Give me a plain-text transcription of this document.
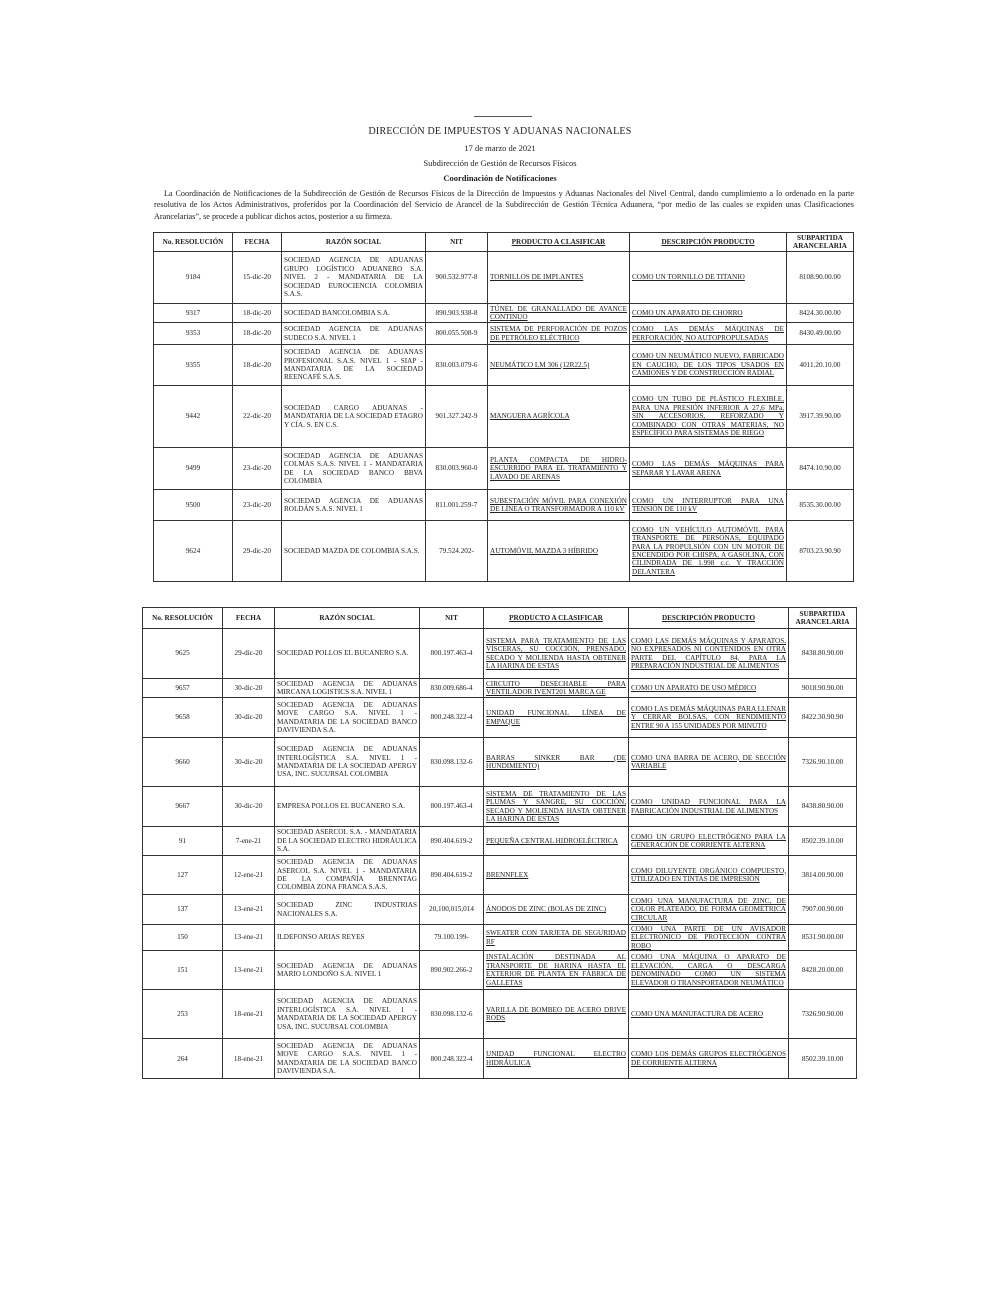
DIRECCIÓN DE IMPUESTOS Y ADUANAS NACIONALES
17 de marzo de 2021
Subdirección de Gestión de Recursos Físicos
Coordinación de Notificaciones
La Coordinación de Notificaciones de la Subdirección de Gestión de Recursos Físicos de la Dirección de Impuestos y Aduanas Nacionales del Nivel Central, dando cumplimiento a lo ordenado en la parte resolutiva de los Actos Administrativos, proferidos por la Coordinación del Servicio de Arancel de la Subdirección de Gestión Técnica Aduanera, “por medio de las cuales se expiden unas Clasificaciones Arancelarias”, se procede a publicar dichos actos, posterior a su firmeza.
No. RESOLUCIÓN	FECHA	RAZÓN SOCIAL	NIT	PRODUCTO A CLASIFICAR	DESCRIPCIÓN PRODUCTO	SUBPARTIDA ARANCELARIA
9184	15-dic-20	SOCIEDAD AGENCIA DE ADUANAS GRUPO LOGÍSTICO ADUANERO S.A. NIVEL 2 - MANDATARIA DE LA SOCIEDAD EUROCIENCIA COLOMBIA S.A.S.	900.532.977-8	TORNILLOS DE IMPLANTES	COMO UN TORNILLO DE TITANIO	8108.90.00.00
9317	18-dic-20	SOCIEDAD BANCOLOMBIA S.A.	890.903.938-8	TÚNEL DE GRANALLADO DE AVANCE CONTINUO	COMO UN APARATO DE CHORRO	8424.30.00.00
9353	18-dic-20	SOCIEDAD AGENCIA DE ADUANAS SUDECO S.A. NIVEL 1	800.055.508-9	SISTEMA DE PERFORACIÓN DE POZOS DE PETRÓLEO ELÉCTRICO	COMO LAS DEMÁS MÁQUINAS DE PERFORACIÓN, NO AUTOPROPULSADAS	8430.49.00.00
9355	18-dic-20	SOCIEDAD AGENCIA DE ADUANAS PROFESIONAL S.A.S. NIVEL 1 - SIAP - MANDATARIA DE LA SOCIEDAD REENCAFÉ S.A.S.	830.003.079-6	NEUMÁTICO LM 306 (12R22.5)	COMO UN NEUMÁTICO NUEVO, FABRICADO EN CAUCHO, DE LOS TIPOS USADOS EN CAMIONES Y DE CONSTRUCCIÓN RADIAL	4011.20.10.00
9442	22-dic-20	SOCIEDAD CARGO ADUANAS - MANDATARIA DE LA SOCIEDAD ETAGRO Y CÍA. S. EN C.S.	901.327.242-9	MANGUERA AGRÍCOLA	COMO UN TUBO DE PLÁSTICO FLEXIBLE, PARA UNA PRESIÓN INFERIOR A 27,6 MPa, SIN ACCESORIOS, REFORZADO Y COMBINADO CON OTRAS MATERIAS, NO ESPECÍFICO PARA SISTEMAS DE RIEGO	3917.39.90.00
9499	23-dic-20	SOCIEDAD AGENCIA DE ADUANAS COLMAS S.A.S. NIVEL 1 - MANDATARIA DE LA SOCIEDAD BANCO BBVA COLOMBIA	830.003.960-0	PLANTA COMPACTA DE HIDRO-ESCURRIDO PARA EL TRATAMIENTO Y LAVADO DE ARENAS	COMO LAS DEMÁS MÁQUINAS PARA SEPARAR Y LAVAR ARENA	8474.10.90.00
9500	23-dic-20	SOCIEDAD AGENCIA DE ADUANAS ROLDÁN S.A.S. NIVEL 1	811.001.259-7	SUBESTACIÓN MÓVIL PARA CONEXIÓN DE LÍNEA O TRANSFORMADOR A 110 kV	COMO UN INTERRUPTOR PARA UNA TENSIÓN DE 110 kV	8535.30.00.00
9624	29-dic-20	SOCIEDAD MAZDA DE COLOMBIA S.A.S.	79.524.202-	AUTOMÓVIL MAZDA 3 HÍBRIDO	COMO UN VEHÍCULO AUTOMÓVIL PARA TRANSPORTE DE PERSONAS, EQUIPADO PARA LA PROPULSIÓN CON UN MOTOR DE ENCENDIDO POR CHISPA, A GASOLINA, CON CILINDRADA DE 1.998 c.c. Y TRACCIÓN DELANTERA	8703.23.90.90
No. RESOLUCIÓN	FECHA	RAZÓN SOCIAL	NIT	PRODUCTO A CLASIFICAR	DESCRIPCIÓN PRODUCTO	SUBPARTIDA ARANCELARIA
9625	29-dic-20	SOCIEDAD POLLOS EL BUCANERO S.A.	800.197.463-4	SISTEMA PARA TRATAMIENTO DE LAS VÍSCERAS, SU COCCIÓN, PRENSADO, SECADO Y MOLIENDA HASTA OBTENER LA HARINA DE ESTAS	COMO LAS DEMÁS MÁQUINAS Y APARATOS, NO EXPRESADOS NI CONTENIDOS EN OTRA PARTE DEL CAPÍTULO 84, PARA LA PREPARACIÓN INDUSTRIAL DE ALIMENTOS	8438.80.90.00
9657	30-dic-20	SOCIEDAD AGENCIA DE ADUANAS MIRCANA LOGISTICS S.A. NIVEL 1	830.009.686-4	CIRCUITO DESECHABLE PARA VENTILADOR IVENT201 MARCA GE	COMO UN APARATO DE USO MÉDICO	9018.90.90.00
9658	30-dic-20	SOCIEDAD AGENCIA DE ADUANAS MOVE CARGO S.A. NIVEL 1 - MANDATARIA DE LA SOCIEDAD BANCO DAVIVIENDA S.A.	800.248.322-4	UNIDAD FUNCIONAL LÍNEA DE EMPAQUE	COMO LAS DEMÁS MÁQUINAS PARA LLENAR Y CERRAR BOLSAS, CON RENDIMIENTO ENTRE 90 A 155 UNIDADES POR MINUTO	8422.30.90.90
9660	30-dic-20	SOCIEDAD AGENCIA DE ADUANAS INTERLOGÍSTICA S.A. NIVEL 1 - MANDATARIA DE LA SOCIEDAD APERGY USA, INC. SUCURSAL COLOMBIA	830.098.132-6	BARRAS SINKER BAR (DE HUNDIMIENTO)	COMO UNA BARRA DE ACERO, DE SECCIÓN VARIABLE	7326.90.10.00
9667	30-dic-20	EMPRESA POLLOS EL BUCANERO S.A.	800.197.463-4	SISTEMA DE TRATAMIENTO DE LAS PLUMAS Y SANGRE, SU COCCIÓN, SECADO Y MOLIENDA HASTA OBTENER LA HARINA DE ESTAS	COMO UNIDAD FUNCIONAL PARA LA FABRICACIÓN INDUSTRIAL DE ALIMENTOS	8438.80.90.00
91	7-ene-21	SOCIEDAD ASERCOL S.A. - MANDATARIA DE LA SOCIEDAD ELECTRO HIDRÁULICA S.A.	890.404.619-2	PEQUEÑA CENTRAL HIDROELÉCTRICA	COMO UN GRUPO ELECTRÓGENO PARA LA GENERACIÓN DE CORRIENTE ALTERNA	8502.39.10.00
127	12-ene-21	SOCIEDAD AGENCIA DE ADUANAS ASERCOL S.A. NIVEL 1 - MANDATARIA DE LA COMPAÑÍA BRENNTAG COLOMBIA ZONA FRANCA S.A.S.	890.404.619-2	BRENNFLEX	COMO DILUYENTE ORGÁNICO COMPUESTO, UTILIZADO EN TINTAS DE IMPRESIÓN	3814.00.90.00
137	13-ene-21	SOCIEDAD ZINC INDUSTRIAS NACIONALES S.A.	20,100,015,014	ÁNODOS DE ZINC (BOLAS DE ZINC)	COMO UNA MANUFACTURA DE ZINC, DE COLOR PLATEADO, DE FORMA GEOMÉTRICA CIRCULAR	7907.00.90.00
150	13-ene-21	ILDEFONSO ARIAS REYES	79.100.199-	SWEATER CON TARJETA DE SEGURIDAD RF	COMO UNA PARTE DE UN AVISADOR ELECTRÓNICO DE PROTECCIÓN CONTRA ROBO	8531.90.00.00
151	13-ene-21	SOCIEDAD AGENCIA DE ADUANAS MARIO LONDOÑO S.A. NIVEL 1	890.902.266-2	INSTALACIÓN DESTINADA AL TRANSPORTE DE HARINA HASTA EL EXTERIOR DE PLANTA EN FÁBRICA DE GALLETAS	COMO UNA MÁQUINA O APARATO DE ELEVACIÓN, CARGA O DESCARGA DENOMINADO COMO UN SISTEMA ELEVADOR O TRANSPORTADOR NEUMÁTICO	8428.20.00.00
253	18-ene-21	SOCIEDAD AGENCIA DE ADUANAS INTERLOGÍSTICA S.A. NIVEL 1 - MANDATARIA DE LA SOCIEDAD APERGY USA, INC. SUCURSAL COLOMBIA	830.098.132-6	VARILLA DE BOMBEO DE ACERO DRIVE RODS	COMO UNA MANUFACTURA DE ACERO	7326.90.90.00
264	18-ene-21	SOCIEDAD AGENCIA DE ADUANAS MOVE CARGO S.A.S. NIVEL 1 - MANDATARIA DE LA SOCIEDAD BANCO DAVIVIENDA S.A.	800.248.322-4	UNIDAD FUNCIONAL ELECTRO HIDRÁULICA	COMO LOS DEMÁS GRUPOS ELECTRÓGENOS DE CORRIENTE ALTERNA	8502.39.10.00
